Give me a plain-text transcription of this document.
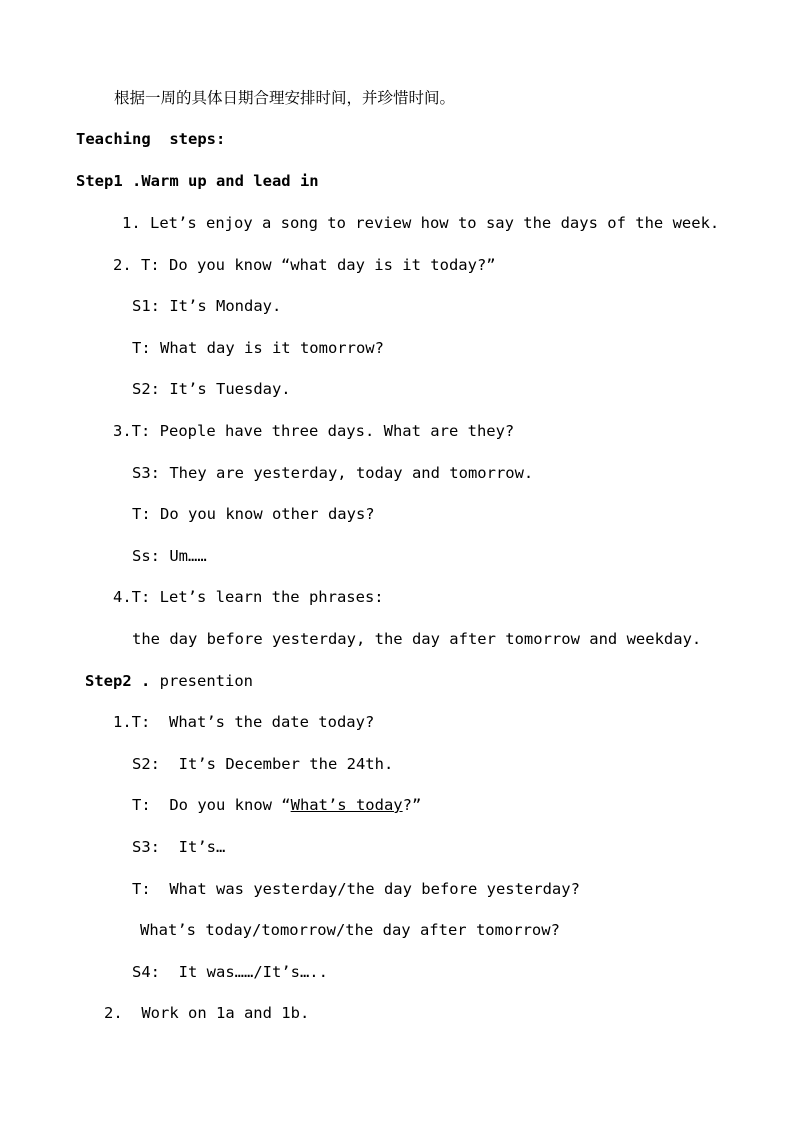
根据一周的具体日期合理安排时间，并珍惜时间。
Teaching  steps:
Step1 .Warm up and lead in
1. Let’s enjoy a song to review how to say the days of the week.
2. T: Do you know “what day is it today?”
S1: It’s Monday.
T: What day is it tomorrow?
S2: It’s Tuesday.
3.T: People have three days. What are they?
S3: They are yesterday, today and tomorrow.
T: Do you know other days?
Ss: Um……
4.T: Let’s learn the phrases:
the day before yesterday, the day after tomorrow and weekday.
Step2 . presention
1.T:  What’s the date today?
S2:  It’s December the 24th.
T:  Do you know “What’s today?”
S3:  It’s…
T:  What was yesterday/the day before yesterday?
What’s today/tomorrow/the day after tomorrow?
S4:  It was……/It’s…..
2.  Work on 1a and 1b.
